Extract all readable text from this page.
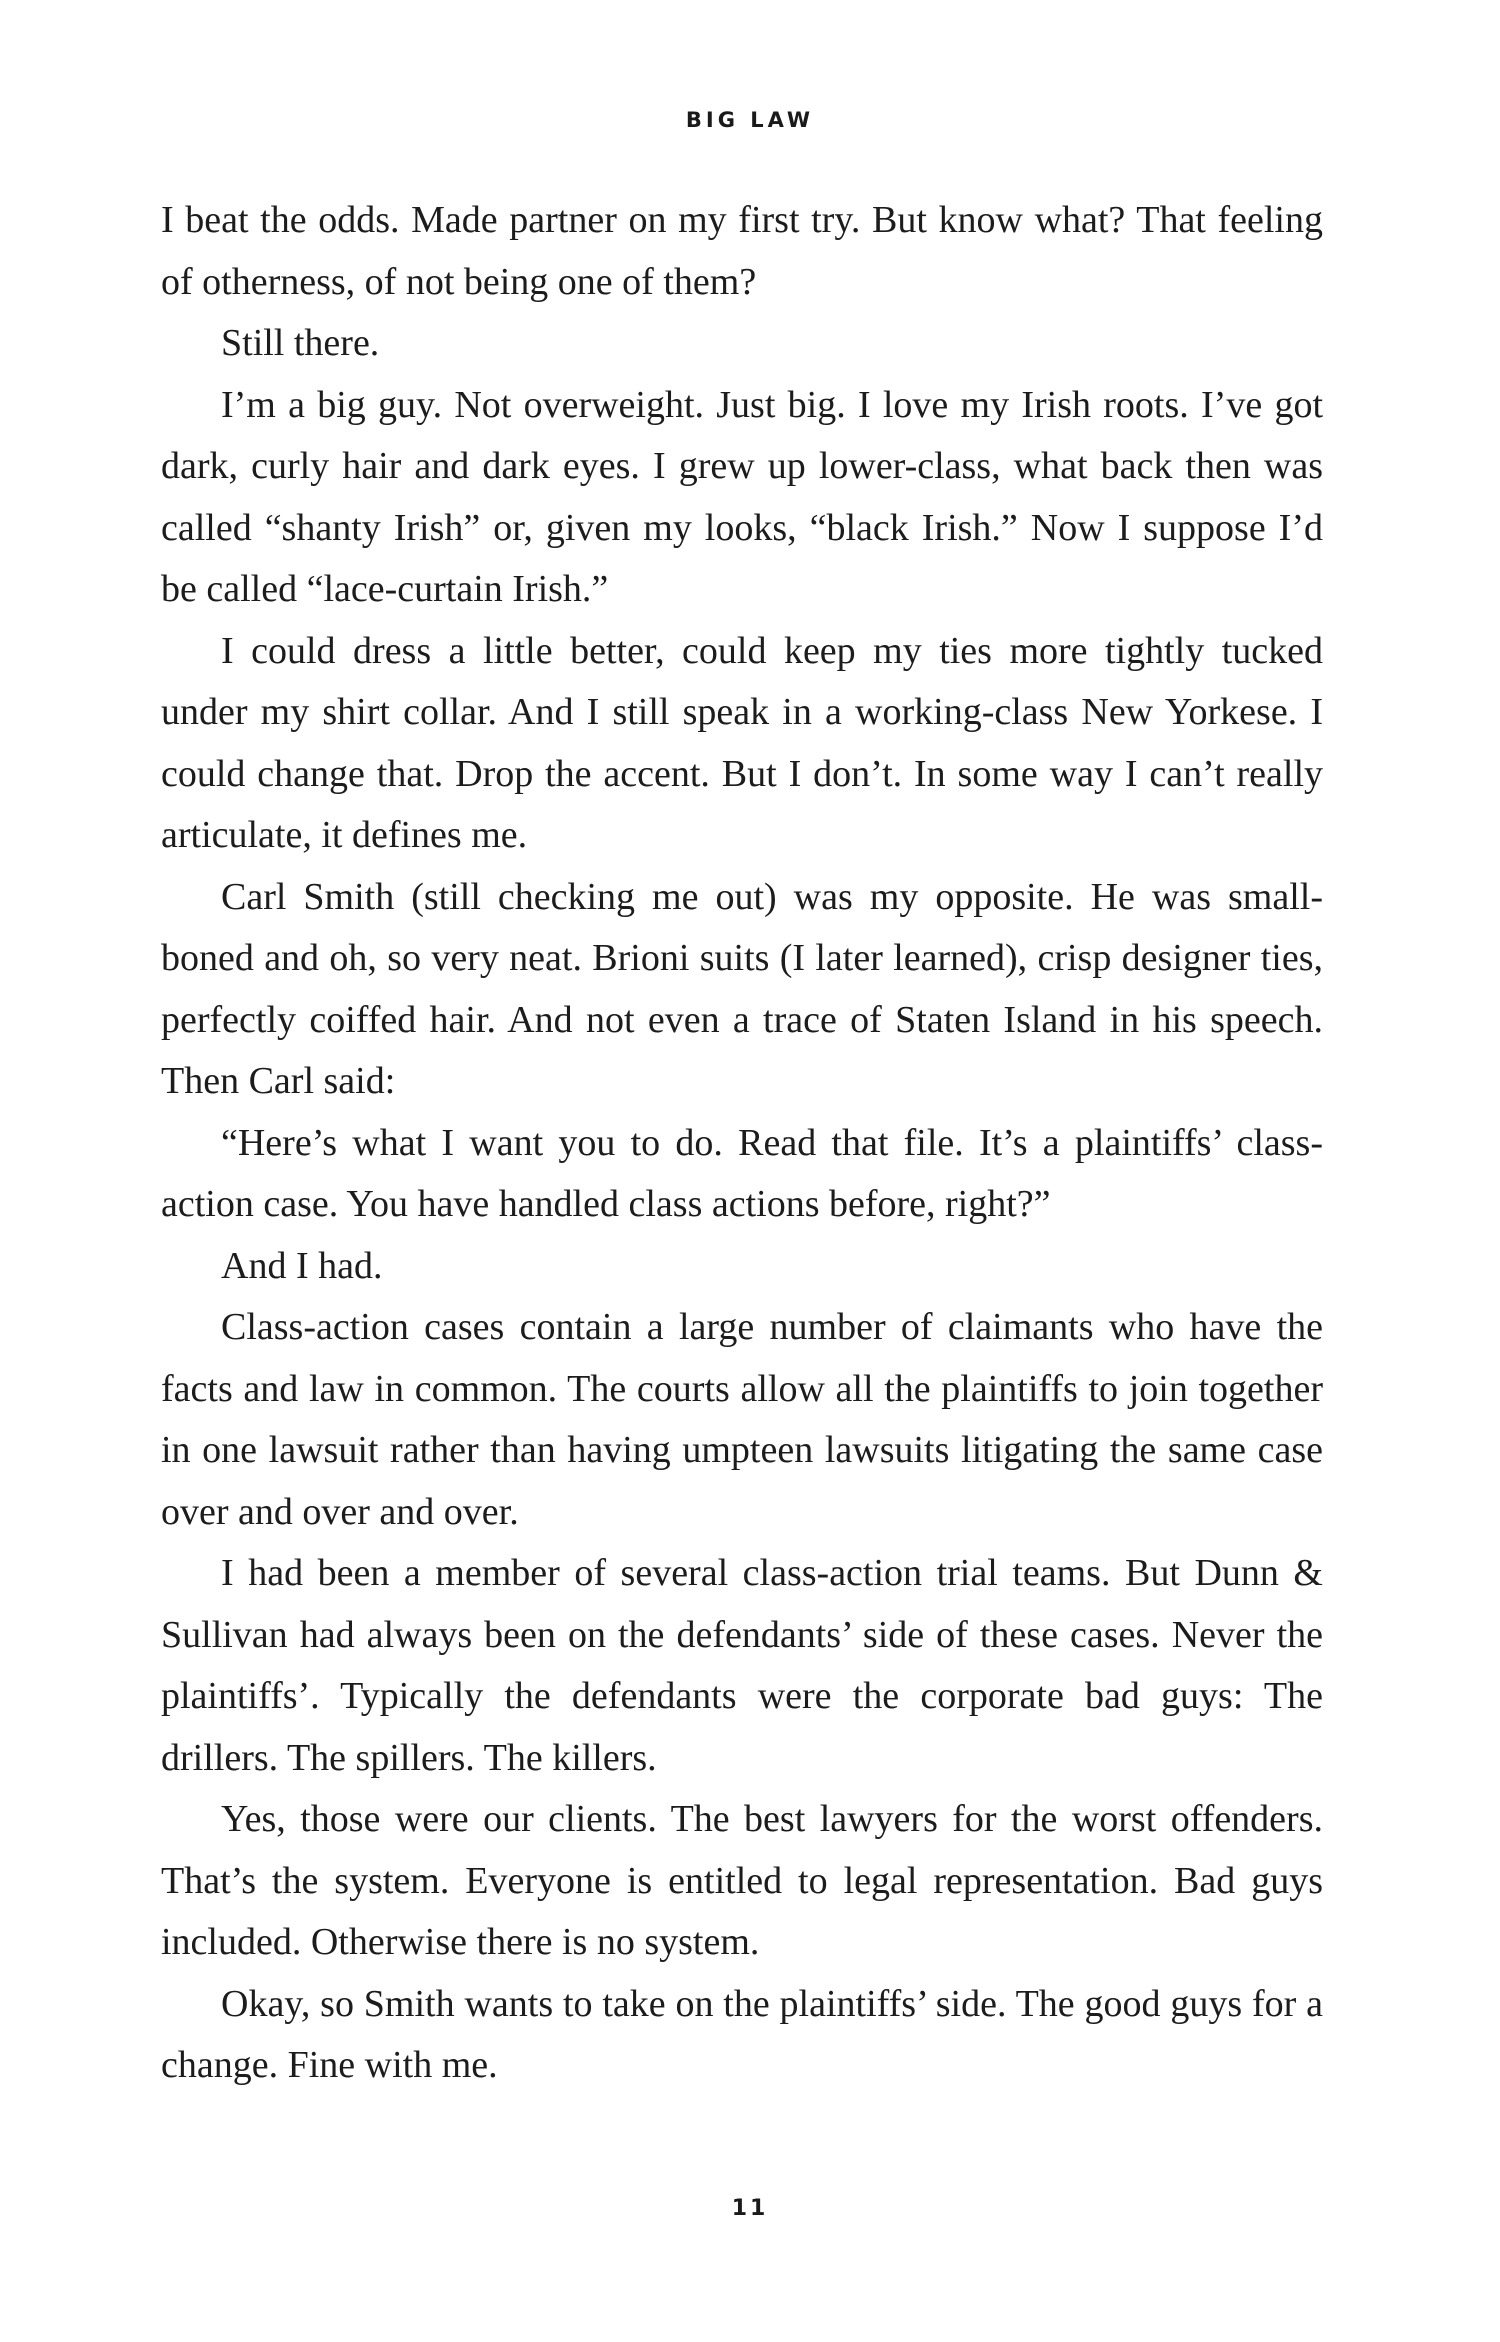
BIG LAW

I beat the odds. Made partner on my first try. But know what? That feeling of otherness, of not being one of them?

Still there.

I’m a big guy. Not overweight. Just big. I love my Irish roots. I’ve got dark, curly hair and dark eyes. I grew up lower-class, what back then was called “shanty Irish” or, given my looks, “black Irish.” Now I suppose I’d be called “lace-curtain Irish.”

I could dress a little better, could keep my ties more tightly tucked under my shirt collar. And I still speak in a working-class New Yorkese. I could change that. Drop the accent. But I don’t. In some way I can’t really articulate, it defines me.

Carl Smith (still checking me out) was my opposite. He was small-boned and oh, so very neat. Brioni suits (I later learned), crisp designer ties, perfectly coiffed hair. And not even a trace of Staten Island in his speech. Then Carl said:

“Here’s what I want you to do. Read that file. It’s a plaintiffs’ class-action case. You have handled class actions before, right?”

And I had.

Class-action cases contain a large number of claimants who have the facts and law in common. The courts allow all the plaintiffs to join together in one lawsuit rather than having umpteen lawsuits litigating the same case over and over and over.

I had been a member of several class-action trial teams. But Dunn & Sullivan had always been on the defendants’ side of these cases. Never the plaintiffs’. Typically the defendants were the corporate bad guys: The drillers. The spillers. The killers.

Yes, those were our clients. The best lawyers for the worst offenders. That’s the system. Everyone is entitled to legal representation. Bad guys included. Otherwise there is no system.

Okay, so Smith wants to take on the plaintiffs’ side. The good guys for a change. Fine with me.

11
